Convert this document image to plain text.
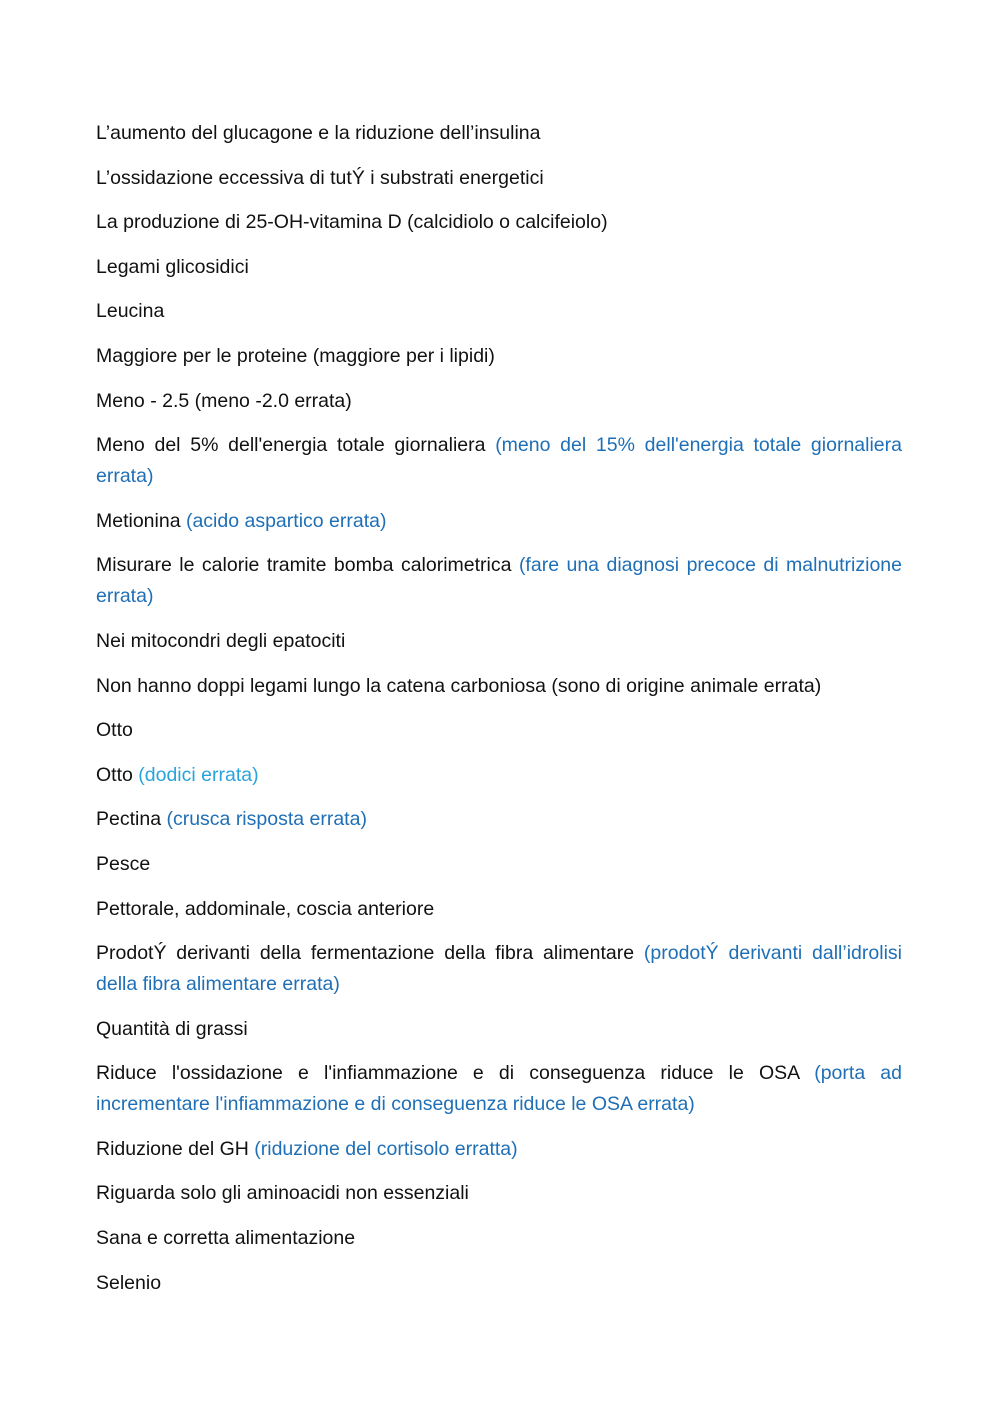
L’aumento del glucagone e la riduzione dell’insulina
L’ossidazione eccessiva di tutÝ i substrati energetici
La produzione di 25-OH-vitamina D (calcidiolo o calcifeiolo)
Legami glicosidici
Leucina
Maggiore per le proteine (maggiore per i lipidi)
Meno - 2.5 (meno -2.0 errata)
Meno del 5% dell'energia totale giornaliera (meno del 15% dell'energia totale giornaliera errata)
Metionina (acido aspartico errata)
Misurare le calorie tramite bomba calorimetrica (fare una diagnosi precoce di malnutrizione errata)
Nei mitocondri degli epatociti
Non hanno doppi legami lungo la catena carboniosa (sono di origine animale errata)
Otto
Otto (dodici errata)
Pectina (crusca risposta errata)
Pesce
Pettorale, addominale, coscia anteriore
ProdotÝ derivanti della fermentazione della fibra alimentare (prodotÝ derivanti dall’idrolisi della fibra alimentare errata)
Quantità di grassi
Riduce l'ossidazione e l'infiammazione e di conseguenza riduce le OSA (porta ad incrementare l'infiammazione e di conseguenza riduce le OSA errata)
Riduzione del GH (riduzione del cortisolo erratta)
Riguarda solo gli aminoacidi non essenziali
Sana e corretta alimentazione
Selenio
